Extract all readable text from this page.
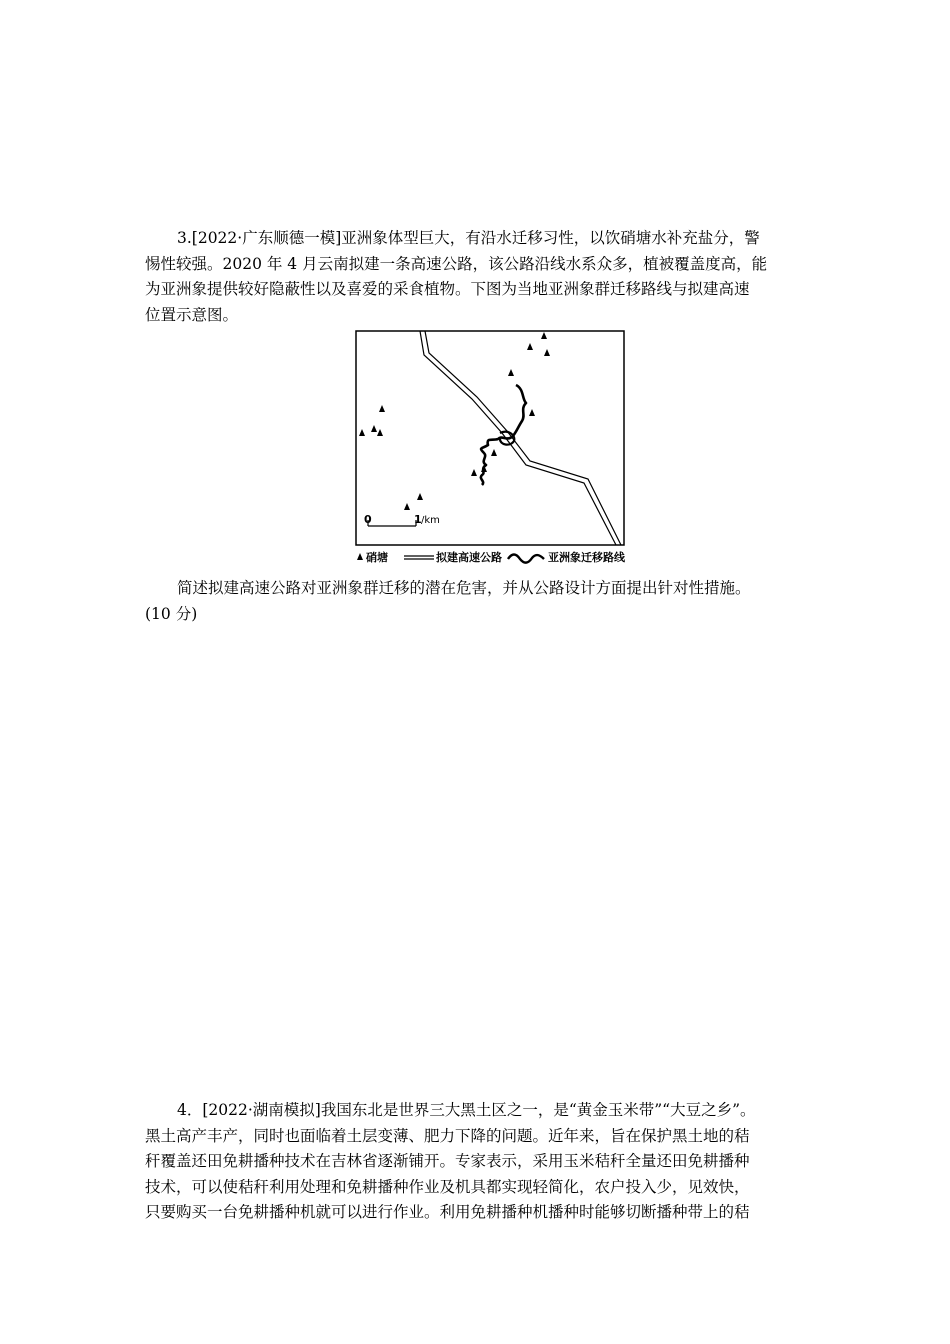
3.[2022·广东顺德一模]亚洲象体型巨大，有沿水迁移习性，以饮硝塘水补充盐分，警
惕性较强。2020 年 4 月云南拟建一条高速公路，该公路沿线水系众多，植被覆盖度高，能
为亚洲象提供较好隐蔽性以及喜爱的采食植物。下图为当地亚洲象群迁移路线与拟建高速
位置示意图。
0	1 /km
硝塘	拟建高速公路	亚洲象迁移路线
简述拟建高速公路对亚洲象群迁移的潜在危害，并从公路设计方面提出针对性措施。
(10 分)
4．[2022·湖南模拟]我国东北是世界三大黑土区之一，是“黄金玉米带”“大豆之乡”。
黑土高产丰产，同时也面临着土层变薄、肥力下降的问题。近年来，旨在保护黑土地的秸
秆覆盖还田免耕播种技术在吉林省逐渐铺开。专家表示，采用玉米秸秆全量还田免耕播种
技术，可以使秸秆利用处理和免耕播种作业及机具都实现轻简化，农户投入少，见效快，
只要购买一台免耕播种机就可以进行作业。利用免耕播种机播种时能够切断播种带上的秸
